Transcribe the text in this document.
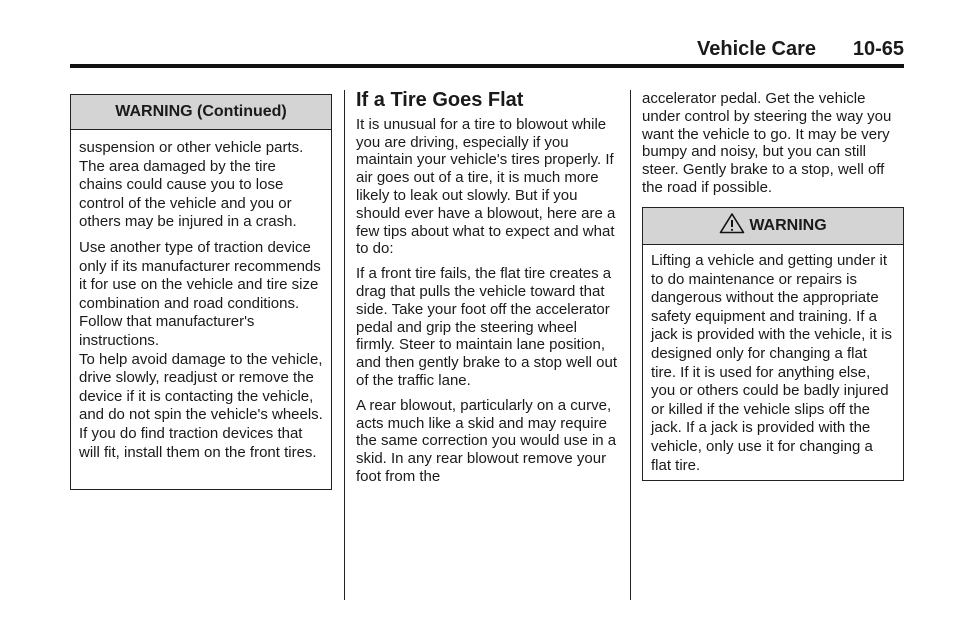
Vehicle Care 10-65
WARNING (Continued)

suspension or other vehicle parts. The area damaged by the tire chains could cause you to lose control of the vehicle and you or others may be injured in a crash.

Use another type of traction device only if its manufacturer recommends it for use on the vehicle and tire size combination and road conditions. Follow that manufacturer's instructions.

To help avoid damage to the vehicle, drive slowly, readjust or remove the device if it is contacting the vehicle, and do not spin the vehicle's wheels. If you do find traction devices that will fit, install them on the front tires.

If a Tire Goes Flat

It is unusual for a tire to blowout while you are driving, especially if you maintain your vehicle's tires properly. If air goes out of a tire, it is much more likely to leak out slowly. But if you should ever have a blowout, here are a few tips about what to expect and what to do:

If a front tire fails, the flat tire creates a drag that pulls the vehicle toward that side. Take your foot off the accelerator pedal and grip the steering wheel firmly. Steer to maintain lane position, and then gently brake to a stop well out of the traffic lane.

A rear blowout, particularly on a curve, acts much like a skid and may require the same correction you would use in a skid. In any rear blowout remove your foot from the

accelerator pedal. Get the vehicle under control by steering the way you want the vehicle to go. It may be very bumpy and noisy, but you can still steer. Gently brake to a stop, well off the road if possible.

WARNING

Lifting a vehicle and getting under it to do maintenance or repairs is dangerous without the appropriate safety equipment and training. If a jack is provided with the vehicle, it is designed only for changing a flat tire. If it is used for anything else, you or others could be badly injured or killed if the vehicle slips off the jack. If a jack is provided with the vehicle, only use it for changing a flat tire.
